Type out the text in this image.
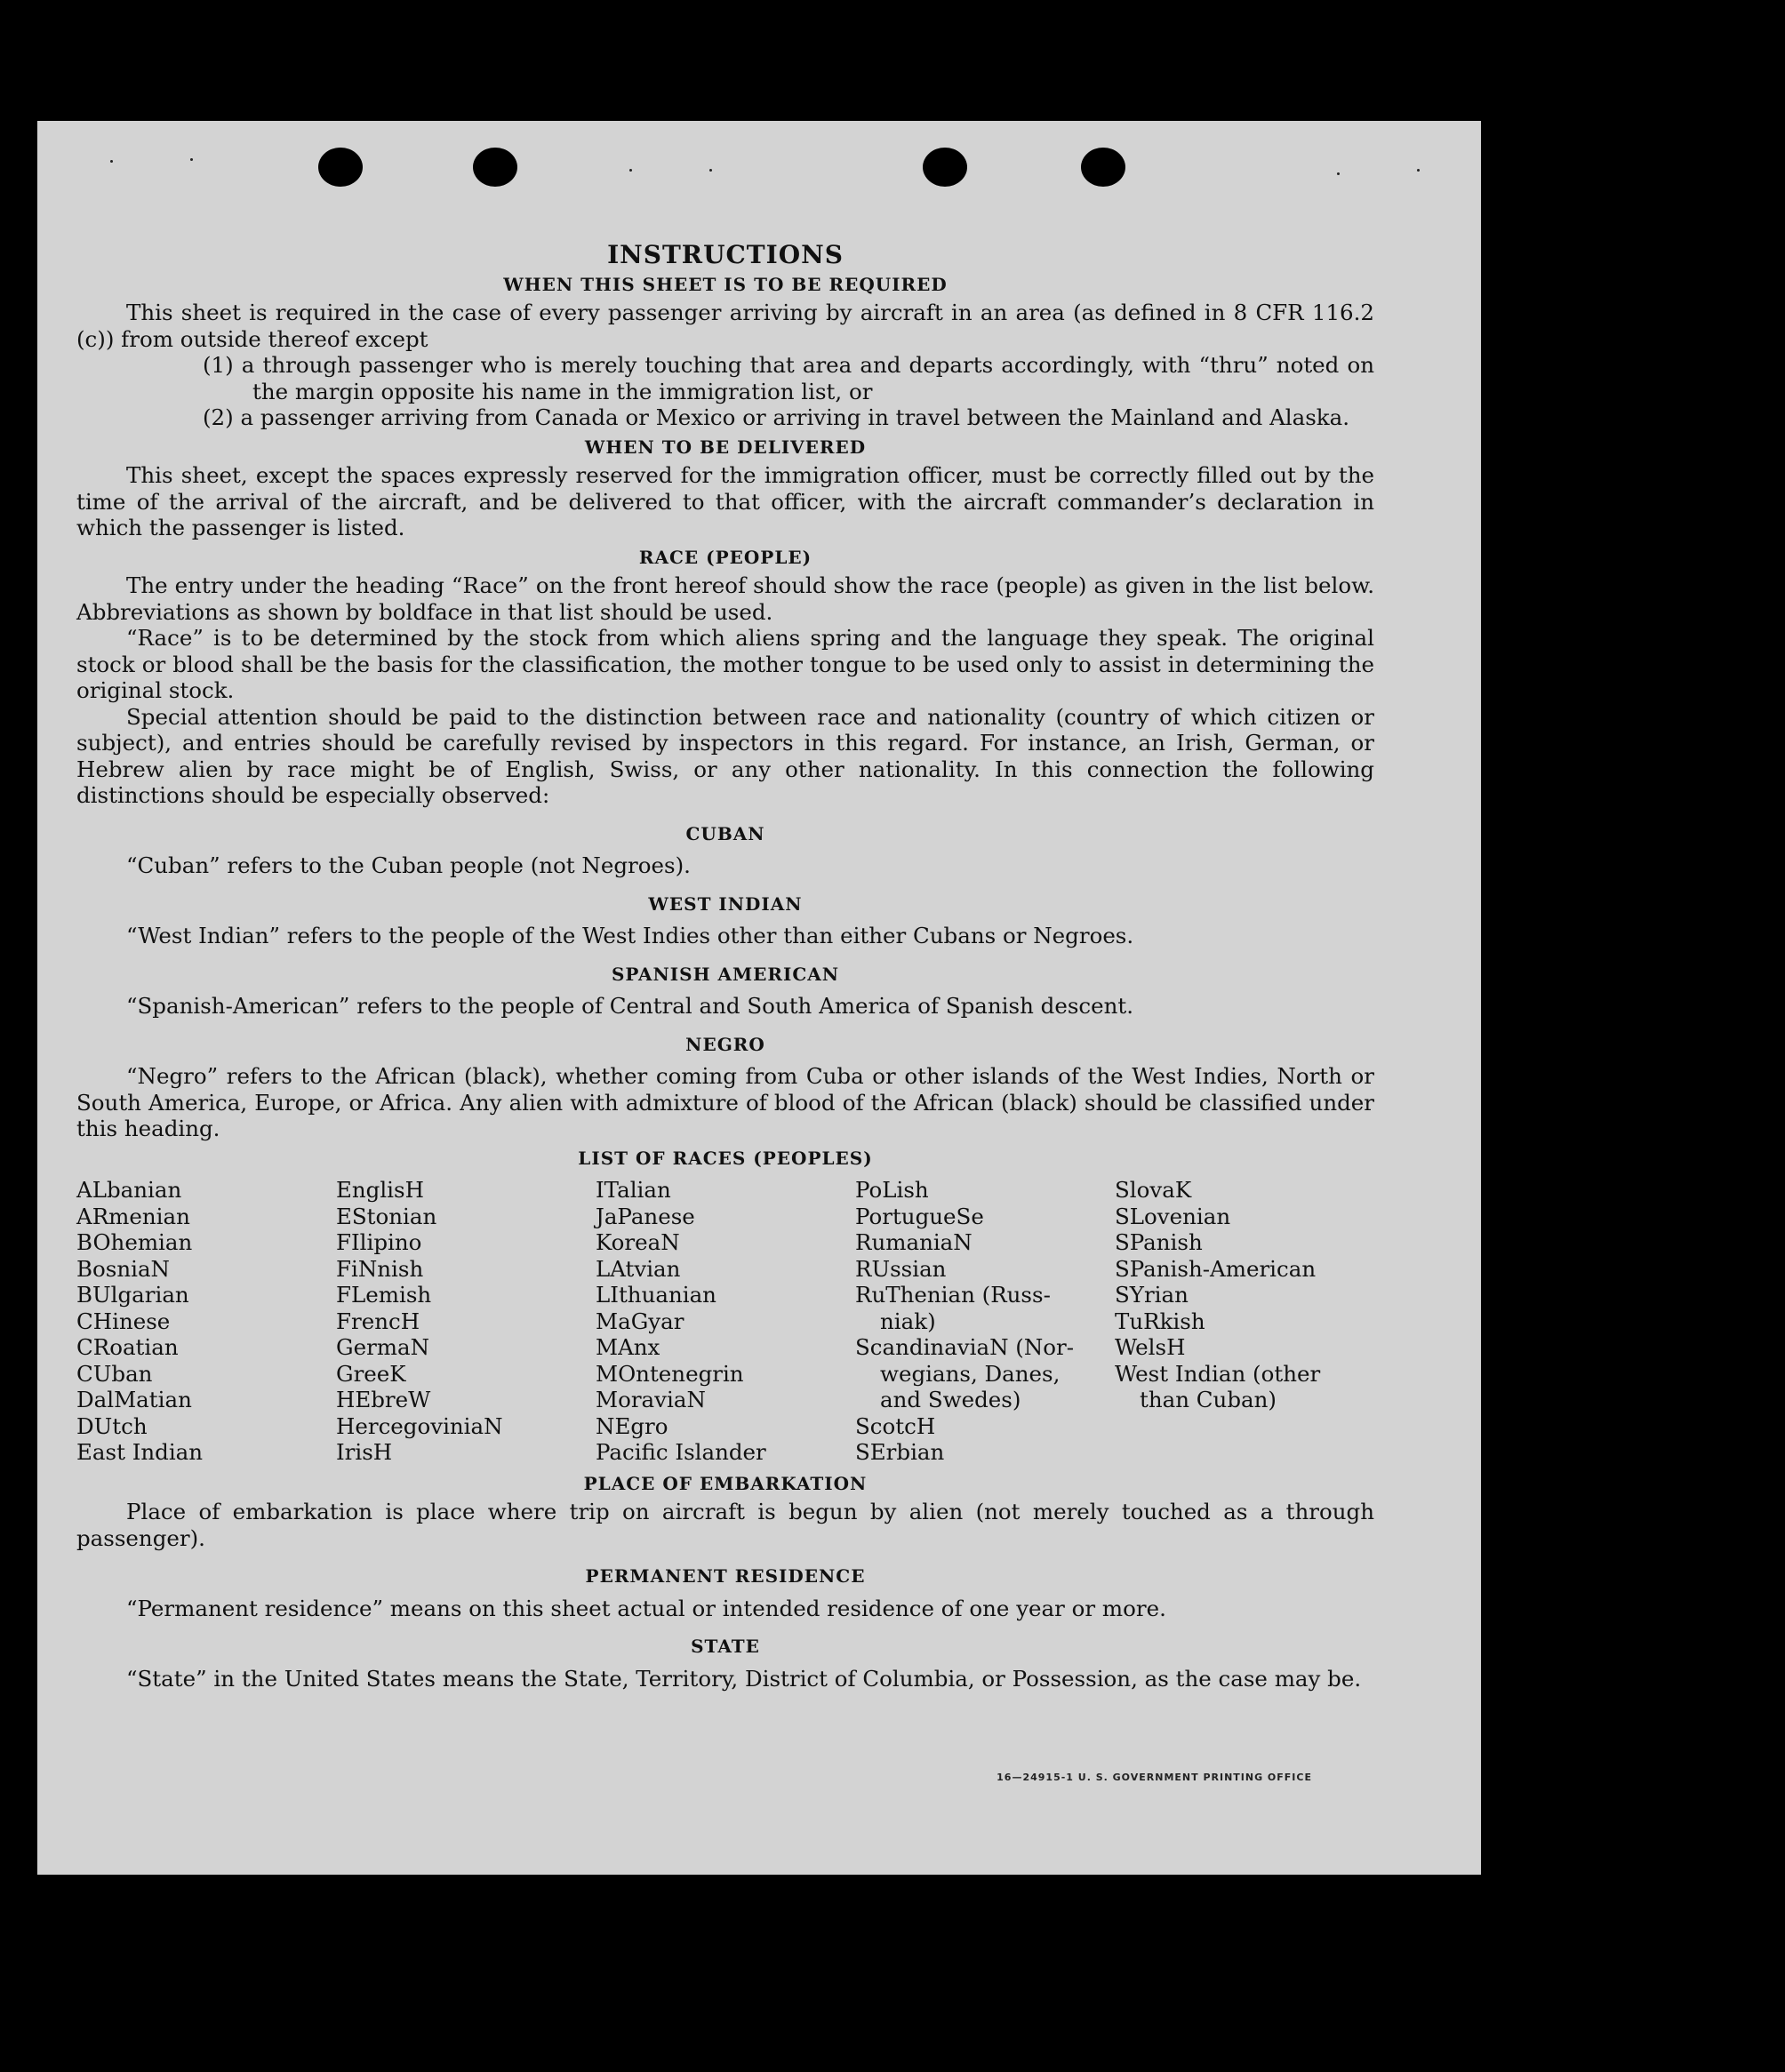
INSTRUCTIONS
WHEN THIS SHEET IS TO BE REQUIRED

This sheet is required in the case of every passenger arriving by aircraft in an area (as defined in 8 CFR 116.2 (c)) from outside thereof except

(1) a through passenger who is merely touching that area and departs accordingly, with “thru” noted on the margin opposite his name in the immigration list, or

(2) a passenger arriving from Canada or Mexico or arriving in travel between the Mainland and Alaska.

WHEN TO BE DELIVERED

This sheet, except the spaces expressly reserved for the immigration officer, must be correctly filled out by the time of the arrival of the aircraft, and be delivered to that officer, with the aircraft commander’s declaration in which the passenger is listed.

RACE (PEOPLE)

The entry under the heading “Race” on the front hereof should show the race (people) as given in the list below. Abbreviations as shown by boldface in that list should be used.

“Race” is to be determined by the stock from which aliens spring and the language they speak. The original stock or blood shall be the basis for the classification, the mother tongue to be used only to assist in determining the original stock.

Special attention should be paid to the distinction between race and nationality (country of which citizen or subject), and entries should be carefully revised by inspectors in this regard. For instance, an Irish, German, or Hebrew alien by race might be of English, Swiss, or any other nationality. In this connection the following distinctions should be especially observed:

CUBAN

“Cuban” refers to the Cuban people (not Negroes).

WEST INDIAN

“West Indian” refers to the people of the West Indies other than either Cubans or Negroes.

SPANISH AMERICAN

“Spanish-American” refers to the people of Central and South America of Spanish descent.

NEGRO

“Negro” refers to the African (black), whether coming from Cuba or other islands of the West Indies, North or South America, Europe, or Africa. Any alien with admixture of blood of the African (black) should be classified under this heading.

LIST OF RACES (PEOPLES)
ALbanian
ARmenian
BOhemian
BosniaN
BUlgarian
CHinese
CRoatian
CUban
DalMatian
DUtch
East Indian
EnglisH
EStonian
FIlipino
FiNnish
FLemish
FrencH
GermaN
GreeK
HEbreW
HercegoviniaN
IrisH
ITalian
JaPanese
KoreaN
LAtvian
LIthuanian
MaGyar
MAnx
MOntenegrin
MoraviaN
NEgro
Pacific Islander
PoLish
PortugueSe
RumaniaN
RUssian
RuThenian (Russ-
niak)
ScandinaviaN (Nor-
wegians, Danes,
and Swedes)
ScotcH
SErbian
SlovaK
SLovenian
SPanish
SPanish-American
SYrian
TuRkish
WelsH
West Indian (other
than Cuban)
PLACE OF EMBARKATION

Place of embarkation is place where trip on aircraft is begun by alien (not merely touched as a through passenger).

PERMANENT RESIDENCE

“Permanent residence” means on this sheet actual or intended residence of one year or more.

STATE

“State” in the United States means the State, Territory, District of Columbia, or Possession, as the case may be.

16—24915-1 U. S. GOVERNMENT PRINTING OFFICE
